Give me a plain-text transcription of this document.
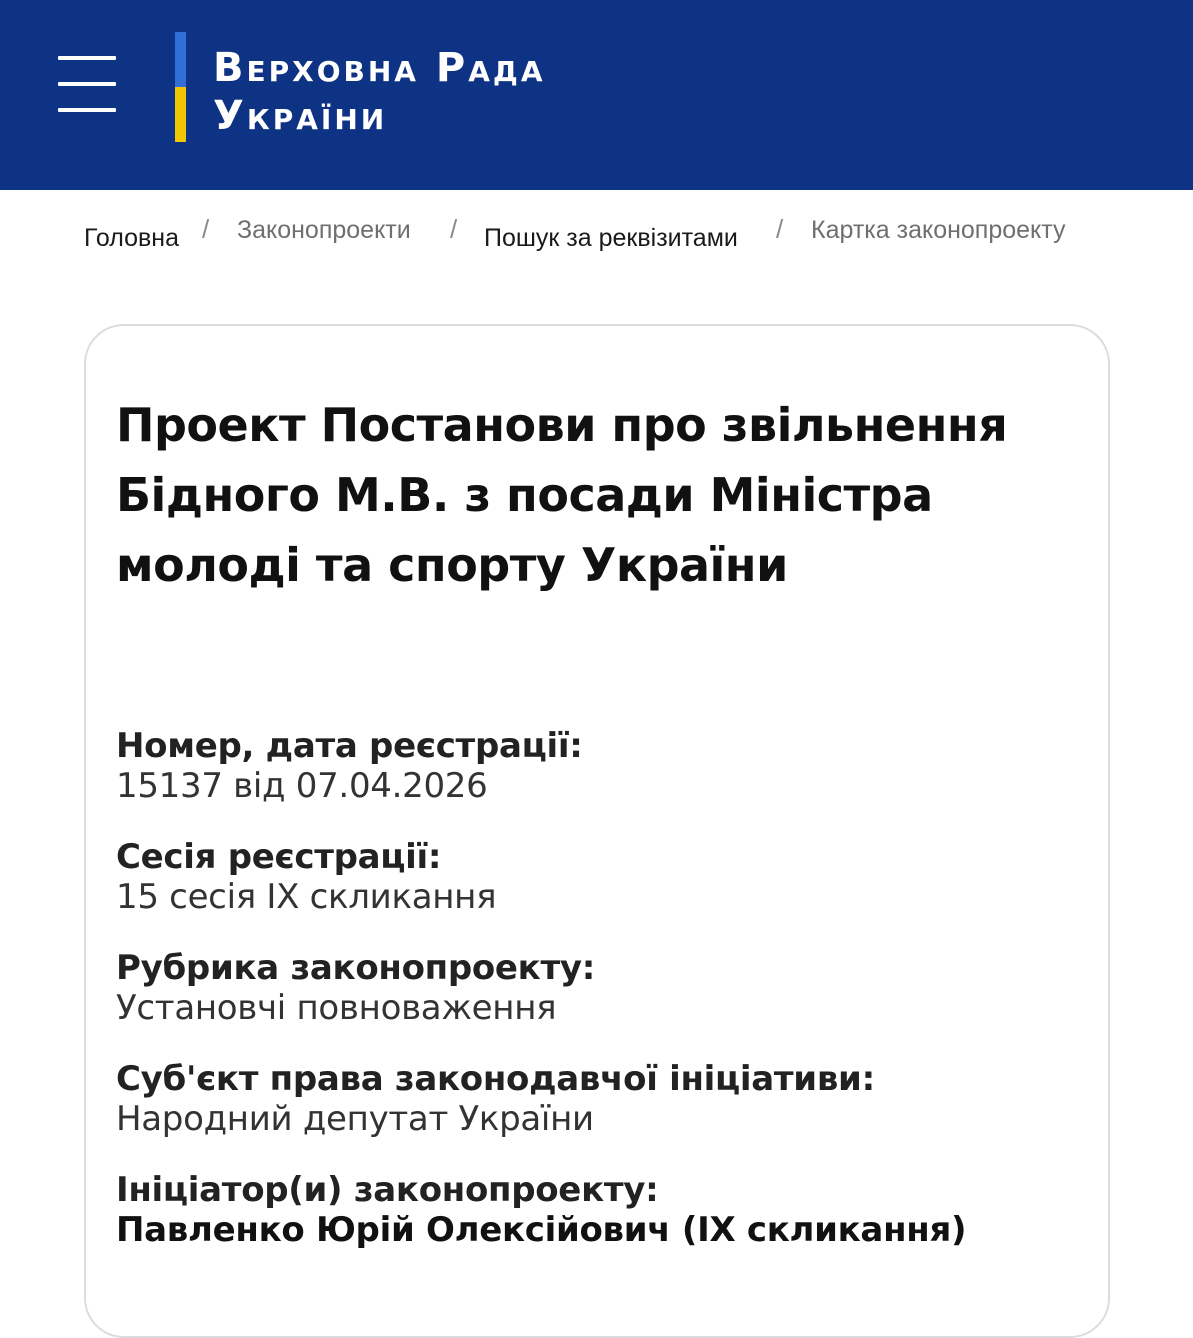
Верховна Рада
України
Головна / Законопроекти / Пошук за реквізитами / Картка законопроекту
Проект Постанови про звільнення Бідного М.В. з посади Міністра молоді та спорту України
Номер, дата реєстрації:
15137 від 07.04.2026
Сесія реєстрації:
15 сесія IX скликання
Рубрика законопроекту:
Установчі повноваження
Суб'єкт права законодавчої ініціативи:
Народний депутат України
Ініціатор(и) законопроекту:
Павленко Юрій Олексійович (IX скликання)
